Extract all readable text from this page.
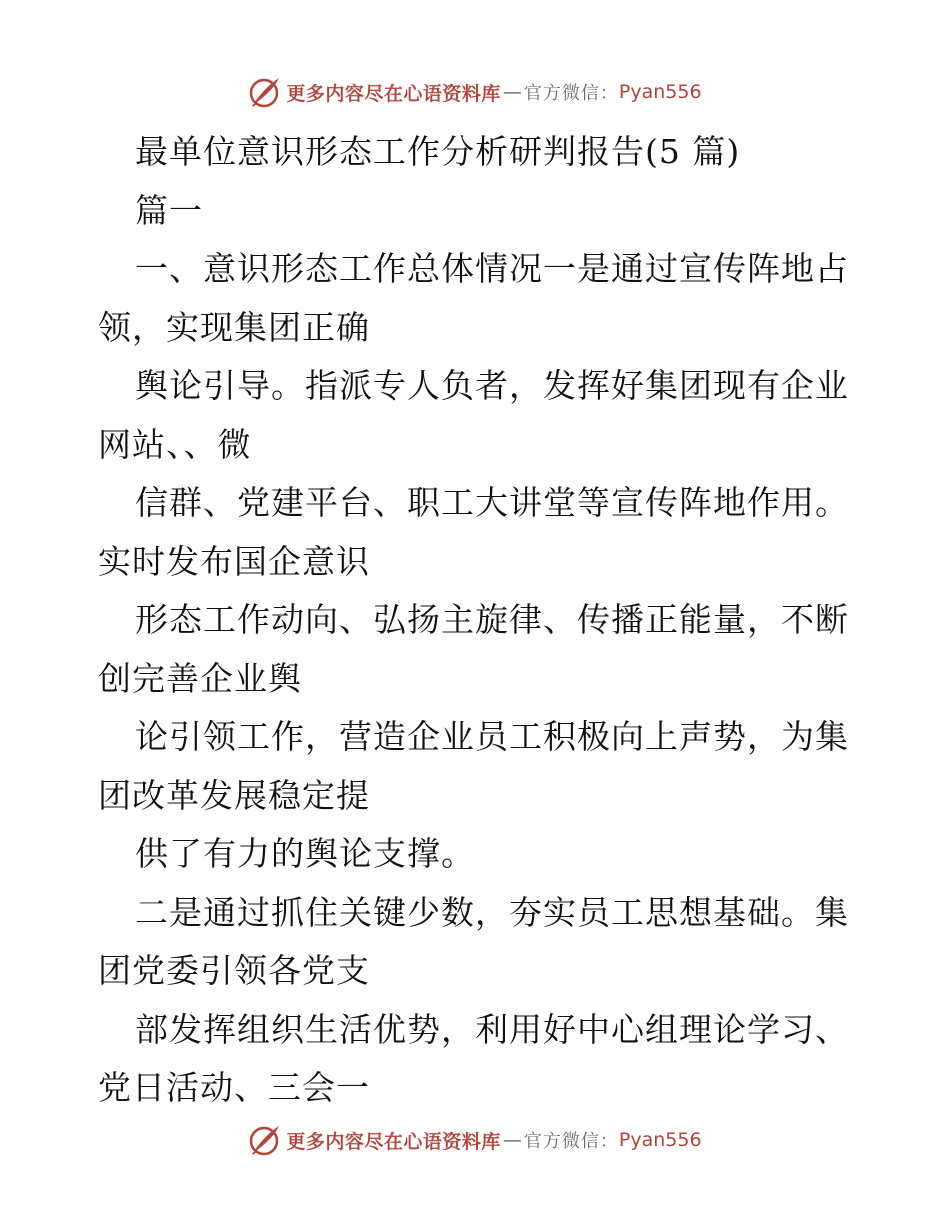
更多内容尽在心语资料库 — 官方微信： Pyan556
最单位意识形态工作分析研判报告(5 篇)
篇一
一、意识形态工作总体情况一是通过宣传阵地占
领，实现集团正确
舆论引导。指派专人负者，发挥好集团现有企业
网站、、微
信群、党建平台、职工大讲堂等宣传阵地作用。
实时发布国企意识
形态工作动向、弘扬主旋律、传播正能量，不断
创完善企业舆
论引领工作，营造企业员工积极向上声势，为集
团改革发展稳定提
供了有力的舆论支撑。
二是通过抓住关键少数，夯实员工思想基础。集
团党委引领各党支
部发挥组织生活优势，利用好中心组理论学习、
党日活动、三会一
更多内容尽在心语资料库 — 官方微信： Pyan556
